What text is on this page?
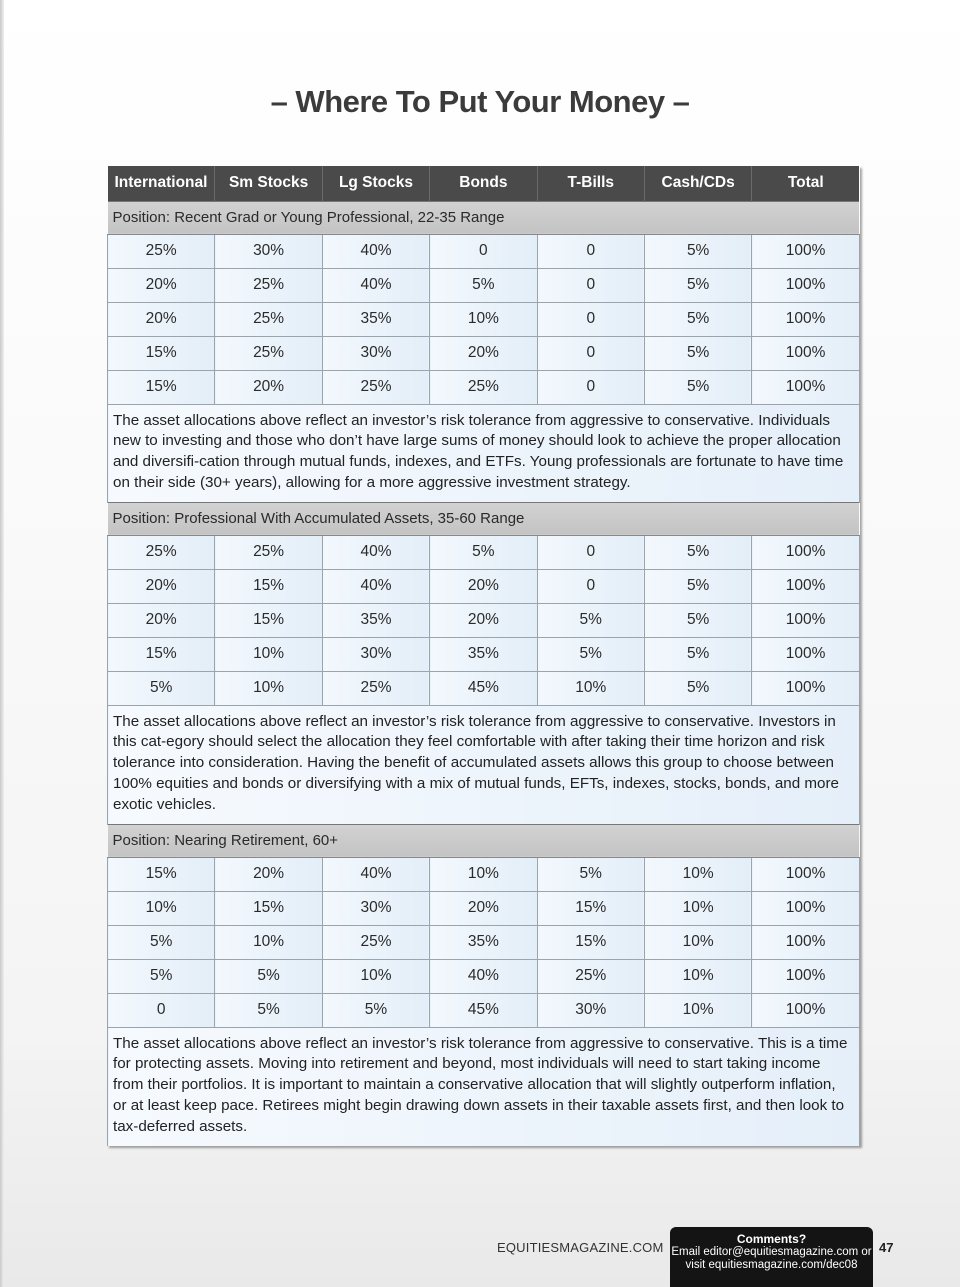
– Where To Put Your Money –
International	Sm Stocks	Lg Stocks	Bonds	T-Bills	Cash/CDs	Total
Position: Recent Grad or Young Professional, 22-35 Range						
25%	30%	40%	0	0	5%	100%
20%	25%	40%	5%	0	5%	100%
20%	25%	35%	10%	0	5%	100%
15%	25%	30%	20%	0	5%	100%
15%	20%	25%	25%	0	5%	100%
The asset allocations above reflect an investor’s risk tolerance from aggressive to conservative. Individuals new to investing and those who don’t have large sums of money should look to achieve the proper allocation and diversifi-cation through mutual funds, indexes, and ETFs. Young professionals are fortunate to have time on their side (30+ years), allowing for a more aggressive investment strategy.						
Position: Professional With Accumulated Assets, 35-60 Range						
25%	25%	40%	5%	0	5%	100%
20%	15%	40%	20%	0	5%	100%
20%	15%	35%	20%	5%	5%	100%
15%	10%	30%	35%	5%	5%	100%
5%	10%	25%	45%	10%	5%	100%
The asset allocations above reflect an investor’s risk tolerance from aggressive to conservative. Investors in this cat-egory should select the allocation they feel comfortable with after taking their time horizon and risk tolerance into consideration. Having the benefit of accumulated assets allows this group to choose between 100% equities and bonds or diversifying with a mix of mutual funds, EFTs, indexes, stocks, bonds, and more exotic vehicles.						
Position: Nearing Retirement, 60+						
15%	20%	40%	10%	5%	10%	100%
10%	15%	30%	20%	15%	10%	100%
5%	10%	25%	35%	15%	10%	100%
5%	5%	10%	40%	25%	10%	100%
0	5%	5%	45%	30%	10%	100%
The asset allocations above reflect an investor’s risk tolerance from aggressive to conservative. This is a time for protecting assets. Moving into retirement and beyond, most individuals will need to start taking income from their portfolios. It is important to maintain a conservative allocation that will slightly outperform inflation, or at least keep pace. Retirees might begin drawing down assets in their taxable assets first, and then look to tax-deferred assets.						
EQUITIESMAGAZINE.COM
Comments?
Email editor@equitiesmagazine.com or
visit equitiesmagazine.com/dec08
47
